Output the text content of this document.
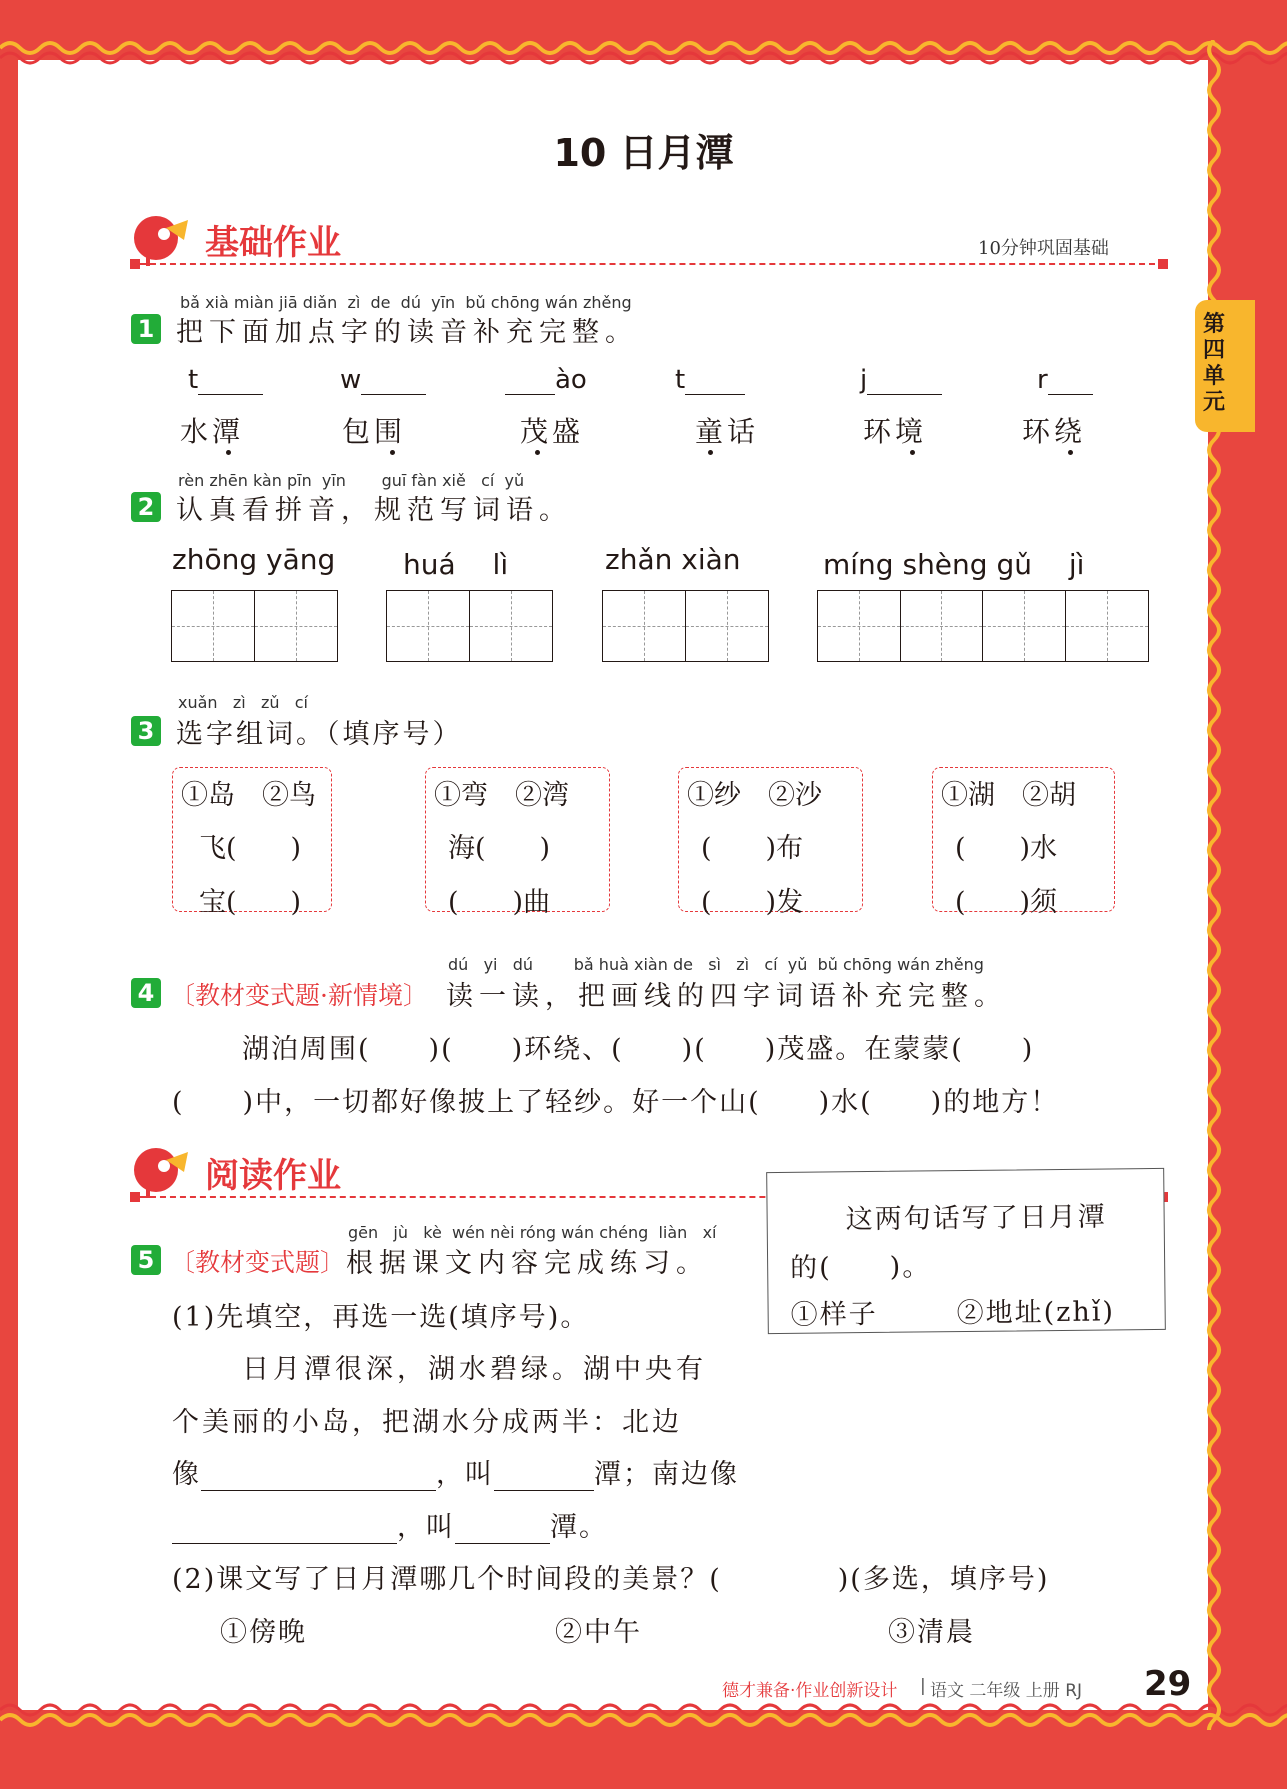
第四单元
10 日月潭
基础作业	10分钟巩固基础
bǎ xià miàn jiā diǎn zì de dú yīn bǔ chōng wán zhěng
1 把下面加点字的读音补充完整。
t
水潭
w
包围
ào
茂盛
t
童话
j
环境
r
环绕
rèn zhēn kàn pīn yīn guī fàn xiě cí yǔ
2 认真看拼音，规范写词语。
zhōng yāng huá　 lì	zhǎn xiàn	míng shèng gǔ　 jì
xuǎn zì zǔ cí
3 选字组词。（填序号）
①岛　②鸟
飞(　　)
宝(　　)
①弯　②湾
海(　　)
(　　)曲
①纱　②沙
(　　)布
(　　)发
①湖　②胡
(　　)水
(　　)须
dú yi dú	bǎ huà xiàn de sì zì cí yǔ bǔ chōng wán zhěng
4 〔教材变式题·新情境〕 读一读，把画线的四字词语补充完整。
湖泊周围(　　)(　　)环绕、(　　)(　　)茂盛。在蒙蒙(　　)
(　　)中，一切都好像披上了轻纱。好一个山(　　)水(　　)的地方！
阅读作业
gēn jù kè wén nèi róng wán chéng liàn xí
5 〔教材变式题〕 根据课文内容完成练习。
(1)先填空，再选一选(填序号)。
日月潭很深，湖水碧绿。湖中央有
个美丽的小岛，把湖水分成两半：北边
像	，叫	潭；南边像
，叫	潭。
这两句话写了日月潭
的(　　)。
①样子	②地址(zhǐ)
(2)课文写了日月潭哪几个时间段的美景？(　　　　)(多选，填序号)
①傍晚	②中午	③清晨
德才兼备·作业创新设计 | 语文 二年级 上册 RJ 29
